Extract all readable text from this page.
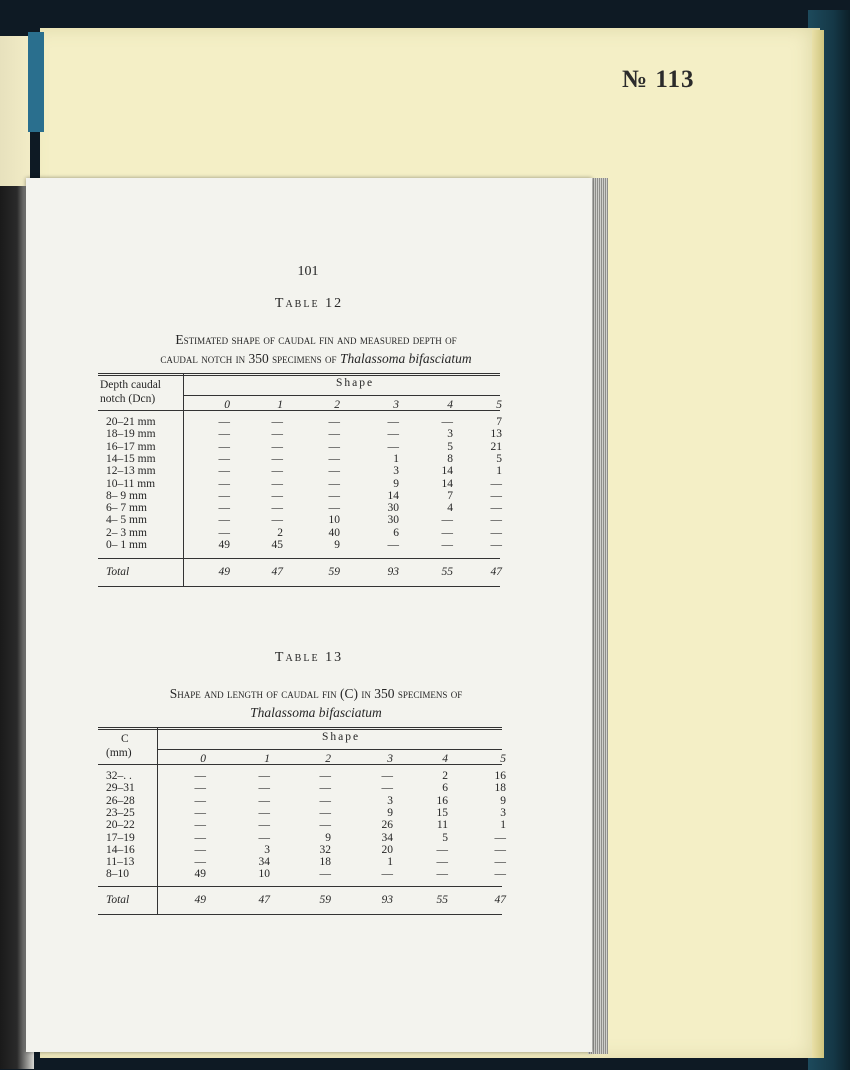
№ 113
101
Table 12
Estimated shape of caudal fin and measured depth of
caudal notch in 350 specimens of Thalassoma bifasciatum
Table 13
Shape and length of caudal fin (C) in 350 specimens of
Thalassoma bifasciatum
Depth caudal
notch (Dcn)
Shape
0	1	2	3	4	5
20–21 mm	—	—	—	—	—	7
18–19 mm	—	—	—	—	3	13
16–17 mm	—	—	—	—	5	21
14–15 mm	—	—	—	1	8	5
12–13 mm	—	—	—	3	14	1
10–11 mm	—	—	—	9	14	—
8– 9 mm	—	—	—	14	7	—
6– 7 mm	—	—	—	30	4	—
4– 5 mm	—	—	10	30	—	—
2– 3 mm	—	2	40	6	—	—
0– 1 mm	49	45	9	—	—	—
Total	49	47	59	93	55	47
C
(mm)
Shape
0	1	2	3	4	5
32–. .	—	—	—	—	2	16
29–31	—	—	—	—	6	18
26–28	—	—	—	3	16	9
23–25	—	—	—	9	15	3
20–22	—	—	—	26	11	1
17–19	—	—	9	34	5	—
14–16	—	3	32	20	—	—
11–13	—	34	18	1	—	—
8–10	49	10	—	—	—	—
Total	49	47	59	93	55	47
